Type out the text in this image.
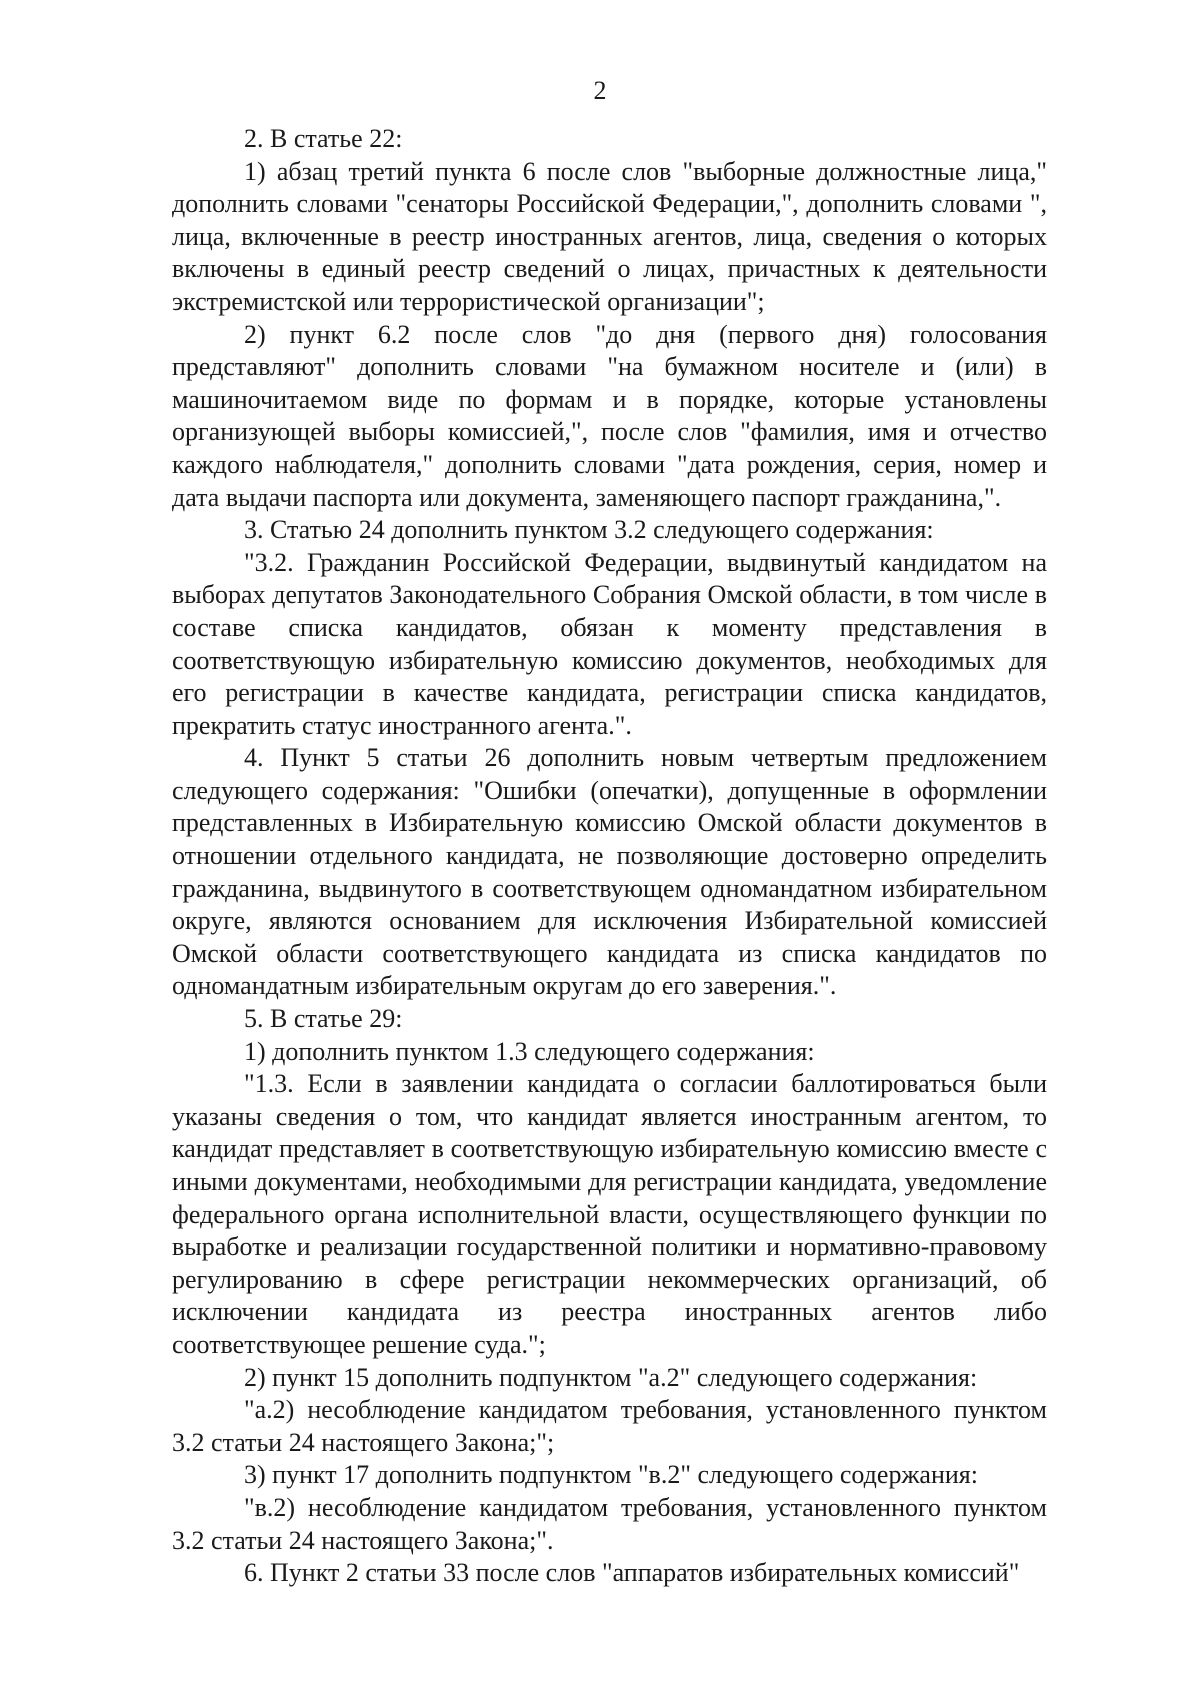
2

2. В статье 22:

1) абзац третий пункта 6 после слов "выборные должностные лица," дополнить словами "сенаторы Российской Федерации,", дополнить словами ", лица, включенные в реестр иностранных агентов, лица, сведения о которых включены в единый реестр сведений о лицах, причастных к деятельности экстремистской или террористической организации";

2) пункт 6.2 после слов "до дня (первого дня) голосования представляют" дополнить словами "на бумажном носителе и (или) в машиночитаемом виде по формам и в порядке, которые установлены организующей выборы комиссией,", после слов "фамилия, имя и отчество каждого наблюдателя," дополнить словами "дата рождения, серия, номер и дата выдачи паспорта или документа, заменяющего паспорт гражданина,".

3. Статью 24 дополнить пунктом 3.2 следующего содержания:

"3.2. Гражданин Российской Федерации, выдвинутый кандидатом на выборах депутатов Законодательного Собрания Омской области, в том числе в составе списка кандидатов, обязан к моменту представления в соответствующую избирательную комиссию документов, необходимых для его регистрации в качестве кандидата, регистрации списка кандидатов, прекратить статус иностранного агента.".

4. Пункт 5 статьи 26 дополнить новым четвертым предложением следующего содержания: "Ошибки (опечатки), допущенные в оформлении представленных в Избирательную комиссию Омской области документов в отношении отдельного кандидата, не позволяющие достоверно определить гражданина, выдвинутого в соответствующем одномандатном избирательном округе, являются основанием для исключения Избирательной комиссией Омской области соответствующего кандидата из списка кандидатов по одномандатным избирательным округам до его заверения.".

5. В статье 29:

1) дополнить пунктом 1.3 следующего содержания:

"1.3. Если в заявлении кандидата о согласии баллотироваться были указаны сведения о том, что кандидат является иностранным агентом, то кандидат представляет в соответствующую избирательную комиссию вместе с иными документами, необходимыми для регистрации кандидата, уведомление федерального органа исполнительной власти, осуществляющего функции по выработке и реализации государственной политики и нормативно-правовому регулированию в сфере регистрации некоммерческих организаций, об исключении кандидата из реестра иностранных агентов либо соответствующее решение суда.";

2) пункт 15 дополнить подпунктом "а.2" следующего содержания:

"а.2) несоблюдение кандидатом требования, установленного пунктом 3.2 статьи 24 настоящего Закона;";

3) пункт 17 дополнить подпунктом "в.2" следующего содержания:

"в.2) несоблюдение кандидатом требования, установленного пунктом 3.2 статьи 24 настоящего Закона;".

6. Пункт 2 статьи 33 после слов "аппаратов избирательных комиссий"
